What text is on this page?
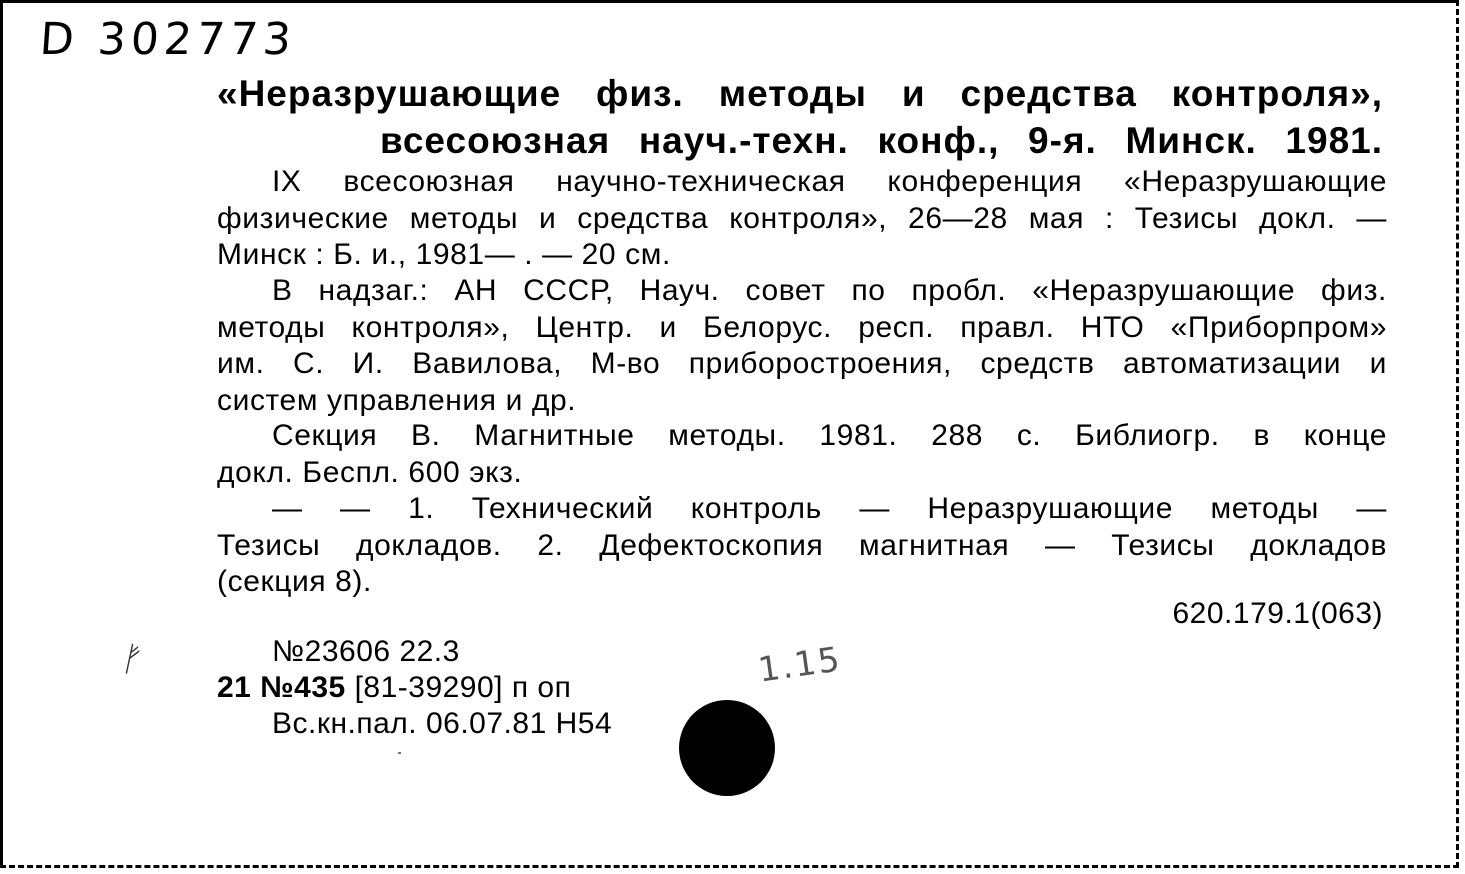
D 302773
«Неразрушающие физ. методы и средства контроля»,
всесоюзная науч.-техн. конф., 9-я. Минск. 1981.
IX всесоюзная научно-техническая конференция «Неразрушающие
физические методы и средства контроля», 26—28 мая : Тезисы докл. —
Минск : Б. и., 1981— . — 20 см.
В надзаг.: АН СССР, Науч. совет по пробл. «Неразрушающие физ.
методы контроля», Центр. и Белорус. респ. правл. НТО «Приборпром»
им. С. И. Вавилова, М-во приборостроения, средств автоматизации и
систем управления и др.
Секция В. Магнитные методы. 1981. 288 с. Библиогр. в конце
докл. Беспл. 600 экз.
— — 1. Технический контроль — Неразрушающие методы —
Тезисы докладов. 2. Дефектоскопия магнитная — Тезисы докладов
(секция 8).
620.179.1(063)
№23606 22.3
21 №435 [81-39290] п оп
Вс.кн.пал. 06.07.81 Н54
1.15
ᚠ
